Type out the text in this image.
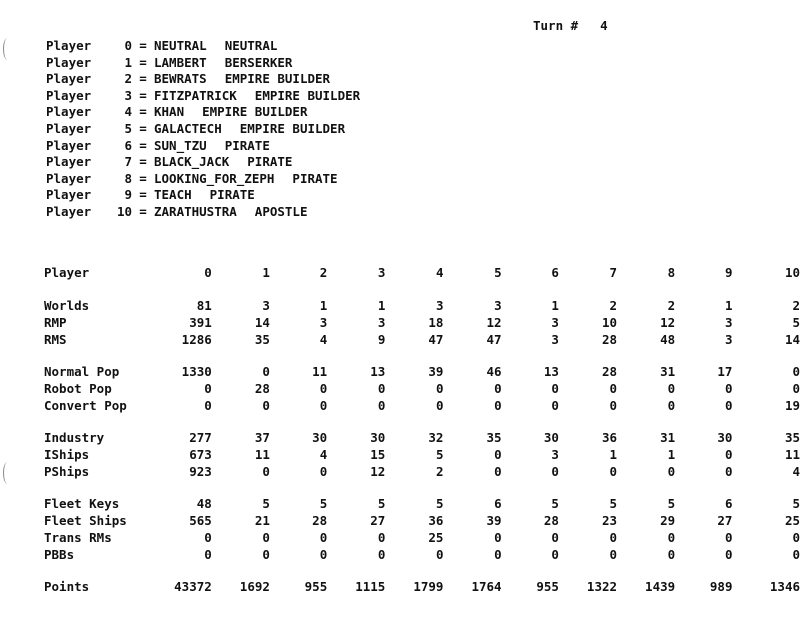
Turn # 4
Player	0 = NEUTRAL NEUTRAL
Player	1 = LAMBERT BERSERKER
Player	2 = BEWRATS EMPIRE BUILDER
Player	3 = FITZPATRICK EMPIRE BUILDER
Player	4 = KHAN EMPIRE BUILDER
Player	5 = GALACTECH EMPIRE BUILDER
Player	6 = SUN_TZU PIRATE
Player	7 = BLACK_JACK PIRATE
Player	8 = LOOKING_FOR_ZEPH PIRATE
Player	9 = TEACH PIRATE
Player 10 = ZARATHUSTRA APOSTLE
Player	0	1	2	3	4	5	6	7	8	9	10

Worlds	81	3	1	1	3	3	1	2	2	1	2
RMP	391	14	3	3	18	12	3	10	12	3	5
RMS	1286	35	4	9	47	47	3	28	48	3	14

Normal Pop	1330	0	11	13	39	46	13	28	31	17	0
Robot Pop	0	28	0	0	0	0	0	0	0	0	0
Convert Pop	0	0	0	0	0	0	0	0	0	0	19

Industry	277	37	30	30	32	35	30	36	31	30	35
IShips	673	11	4	15	5	0	3	1	1	0	11
PShips	923	0	0	12	2	0	0	0	0	0	4

Fleet Keys	48	5	5	5	5	6	5	5	5	6	5
Fleet Ships	565	21	28	27	36	39	28	23	29	27	25
Trans RMs	0	0	0	0	25	0	0	0	0	0	0
PBBs	0	0	0	0	0	0	0	0	0	0	0

Points	43372	1692	955	1115	1799	1764	955	1322	1439	989	1346
